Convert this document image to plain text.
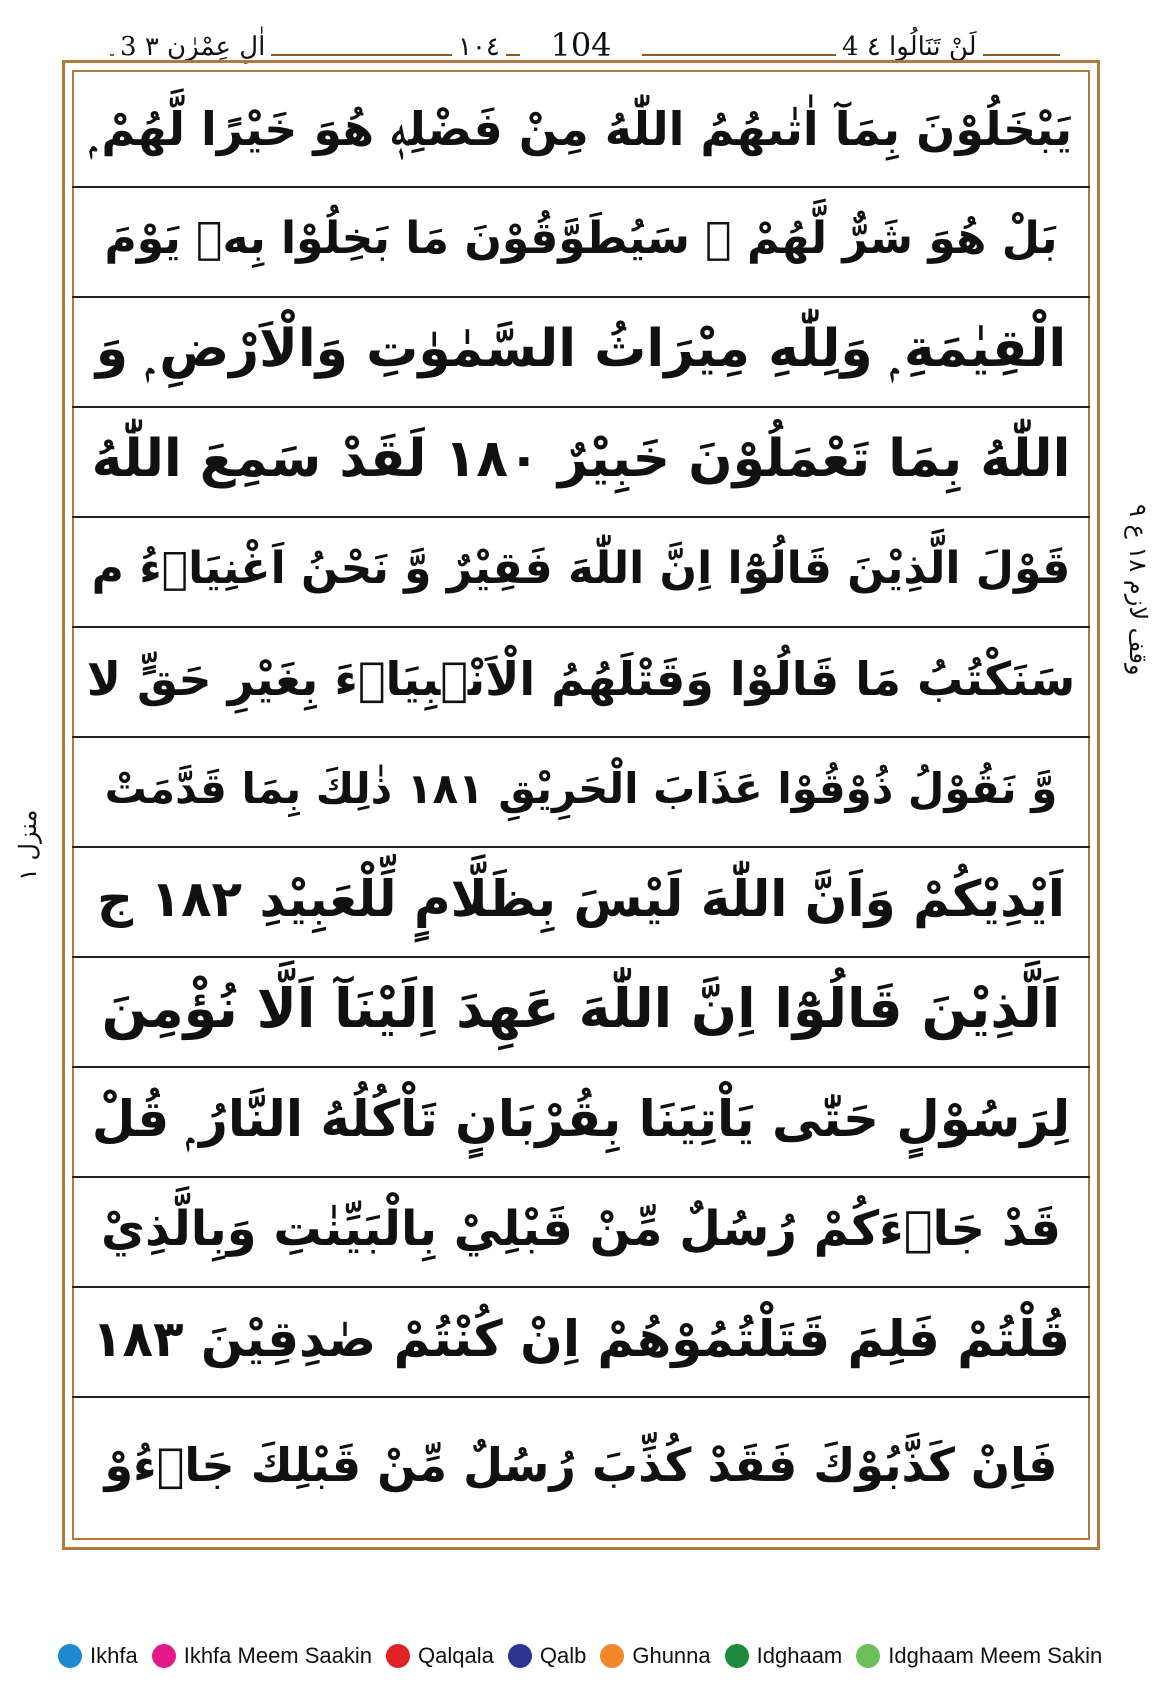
3 اٰلِ عِمْرٰن ٣	١٠٤	104	4 لَنْ تَنَالُوا ٤
يَبْخَلُوْنَ بِمَآ اٰتٰىهُمُ اللّٰهُ مِنْ فَضْلِهٖ هُوَ خَيْرًا لَّهُمْ ۭ
بَلْ هُوَ شَرٌّ لَّهُمْ ۭ سَيُطَوَّقُوْنَ مَا بَخِلُوْا بِهٖ يَوْمَ
الْقِيٰمَةِ ۭ وَلِلّٰهِ مِيْرَاثُ السَّمٰوٰتِ وَالْاَرْضِ ۭ وَ
اللّٰهُ بِمَا تَعْمَلُوْنَ خَبِيْرٌ ١٨٠ لَقَدْ سَمِعَ اللّٰهُ
قَوْلَ الَّذِيْنَ قَالُوْٓا اِنَّ اللّٰهَ فَقِيْرٌ وَّ نَحْنُ اَغْنِيَاۗءُ م
سَنَكْتُبُ مَا قَالُوْا وَقَتْلَهُمُ الْاَنْۢبِيَاۗءَ بِغَيْرِ حَقٍّ لا
وَّ نَقُوْلُ ذُوْقُوْا عَذَابَ الْحَرِيْقِ ١٨١ ذٰلِكَ بِمَا قَدَّمَتْ
اَيْدِيْكُمْ وَاَنَّ اللّٰهَ لَيْسَ بِظَلَّامٍ لِّلْعَبِيْدِ ١٨٢ ج
اَلَّذِيْنَ قَالُوْٓا اِنَّ اللّٰهَ عَهِدَ اِلَيْنَآ اَلَّا نُؤْمِنَ
لِرَسُوْلٍ حَتّٰى يَاْتِيَنَا بِقُرْبَانٍ تَاْكُلُهُ النَّارُ ۭ قُلْ
قَدْ جَاۗءَكُمْ رُسُلٌ مِّنْ قَبْلِيْ بِالْبَيِّنٰتِ وَبِالَّذِيْ
قُلْتُمْ فَلِمَ قَتَلْتُمُوْهُمْ اِنْ كُنْتُمْ صٰدِقِيْنَ ١٨٣
فَاِنْ كَذَّبُوْكَ فَقَدْ كُذِّبَ رُسُلٌ مِّنْ قَبْلِكَ جَاۗءُوْ
وقف لازم ١٨ ع ٩
منزل ١
Ikhfa Ikhfa Meem Saakin Qalqala Qalb Ghunna Idghaam Idghaam Meem Sakin
